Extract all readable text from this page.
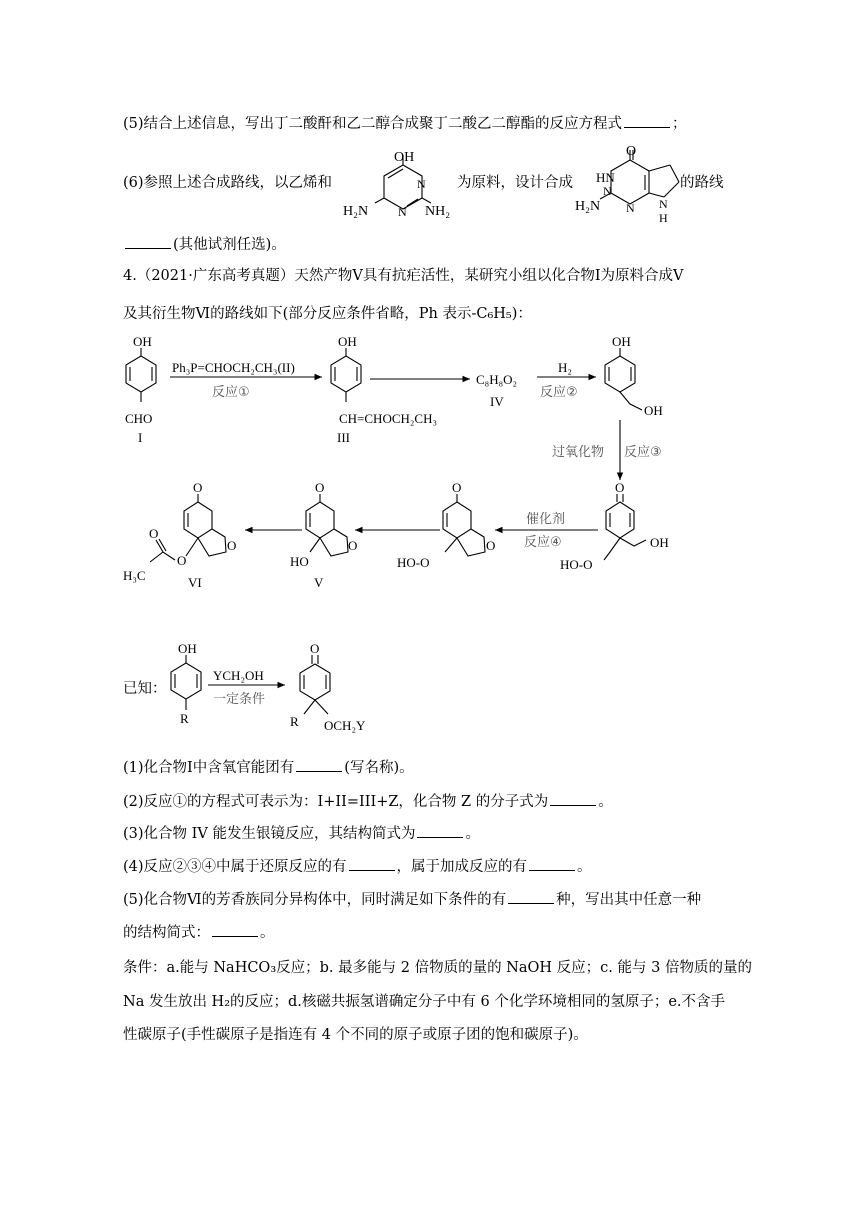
(5)结合上述信息，写出丁二酸酐和乙二醇合成聚丁二酸乙二醇酯的反应方程式	；
(6)参照上述合成路线，以乙烯和	为原料，设计合成	的路线
(其他试剂任选)。
4.（2021·广东高考真题）天然产物Ⅴ具有抗疟活性，某研究小组以化合物Ⅰ为原料合成Ⅴ
及其衍生物Ⅵ的路线如下(部分反应条件省略，Ph 表示-C₆H₅)：
OH
N
N
H₂N	NH₂
O
HN
N
H₂N N N
H
OH
CHO
I
Ph₃P=CHOCH₂CH₃(II)
反应①
OH
CH=CHOCH₂CH₃
III
C₈H₈O₂
IV
H₂
反应②
OH
OH
过氧化物 反应③
O
HO-O
OH
催化剂
反应④
O
O
HO-O
O
O
HO
V
O
O
O
O
H₃C	VI
OH
R
YCH₂OH
一定条件
O
R OCH₂Y
已知：
(1)化合物Ⅰ中含氧官能团有	(写名称)。
(2)反应①的方程式可表示为：I+II=III+Z，化合物 Z 的分子式为	。
(3)化合物 IV 能发生银镜反应，其结构简式为	。
(4)反应②③④中属于还原反应的有	，属于加成反应的有	。
(5)化合物Ⅵ的芳香族同分异构体中，同时满足如下条件的有	种，写出其中任意一种
的结构简式：	。
条件：a.能与 NaHCO₃反应；b. 最多能与 2 倍物质的量的 NaOH 反应；c. 能与 3 倍物质的量的
Na 发生放出 H₂的反应；d.核磁共振氢谱确定分子中有 6 个化学环境相同的氢原子；e.不含手
性碳原子(手性碳原子是指连有 4 个不同的原子或原子团的饱和碳原子)。
